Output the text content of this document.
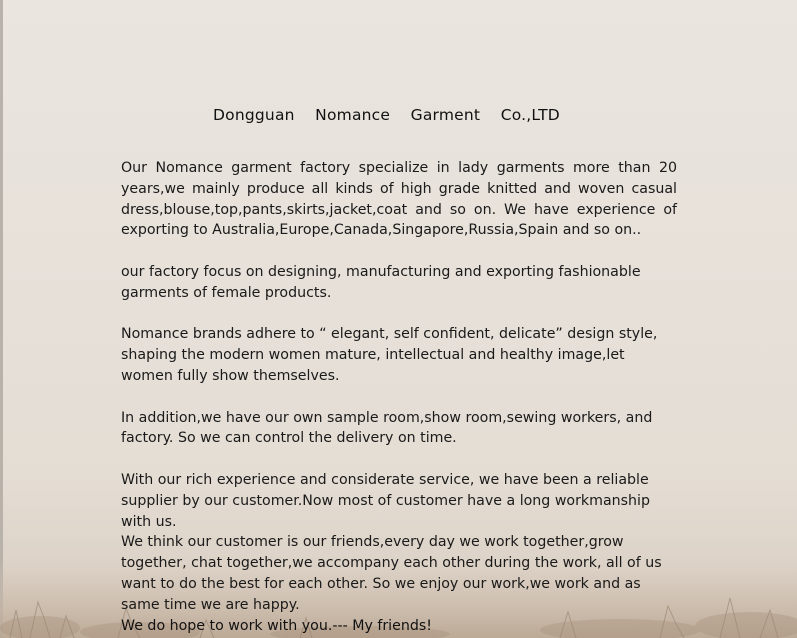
Dongguan    Nomance    Garment    Co.,LTD

Our Nomance garment factory specialize in lady garments more than 20 years,we mainly produce all kinds of high grade knitted and woven casual dress,blouse,top,pants,skirts,jacket,coat and so on. We have experience of exporting to Australia,Europe,Canada,Singapore,Russia,Spain and so on..

our factory focus on designing, manufacturing and exporting fashionable garments of female products.

Nomance brands adhere to “ elegant, self confident, delicate” design style, shaping the modern women mature, intellectual and healthy image,let women fully show themselves.

In addition,we have our own sample room,show room,sewing workers, and factory. So we can control the delivery on time.

With our rich experience and considerate service, we have been a reliable supplier by our customer.Now most of customer have a long workmanship with us.

We think our customer is our friends,every day we work together,grow together, chat together,we accompany each other during the work, all of us want to do the best for each other. So we enjoy our work,we work and as same time we are happy.

We do hope to work with you.--- My friends!
